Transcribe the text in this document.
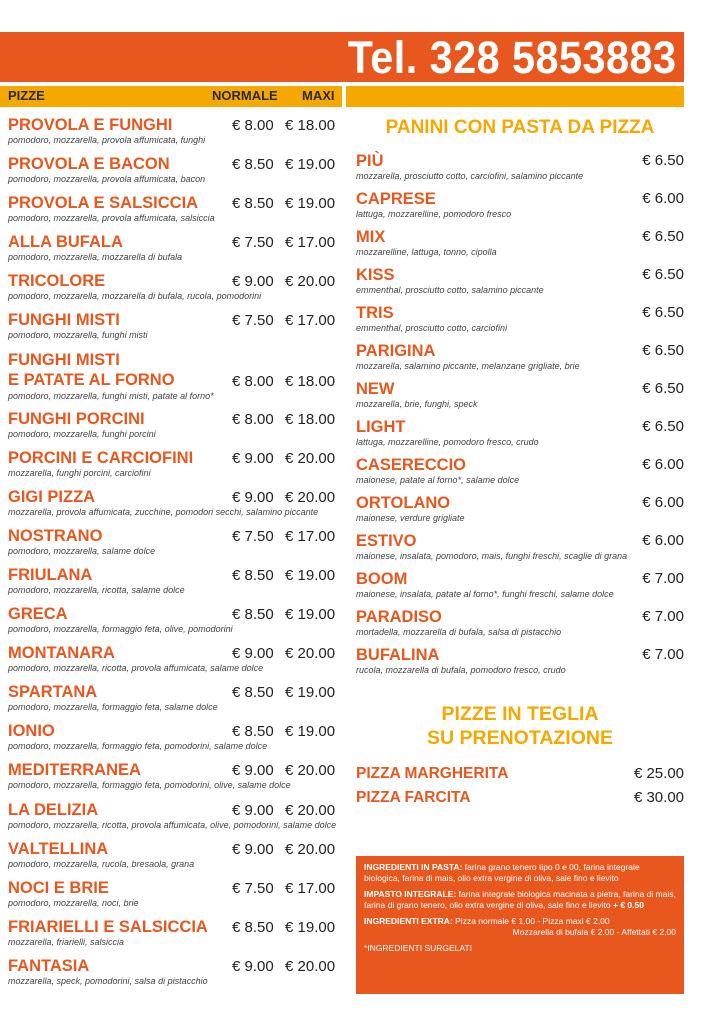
Tel. 328 5853883
PIZZE	NORMALE MAXI
PROVOLA E FUNGHI	€ 8.00 € 18.00
pomodoro, mozzarella, provola affumicata, funghi
PROVOLA E BACON	€ 8.50 € 19.00
pomodoro, mozzarella, provola affumicata, bacon
PROVOLA E SALSICCIA € 8.50 € 19.00
pomodoro, mozzarella, provola affumicata, salsiccia
ALLA BUFALA	€ 7.50 € 17.00
pomodoro, mozzarella, mozzarella di bufala
TRICOLORE	€ 9.00 € 20.00
pomodoro, mozzarella, mozzarella di bufala, rucola, pomodorini
FUNGHI MISTI	€ 7.50 € 17.00
pomodoro, mozzarella, funghi misti
FUNGHI MISTI
E PATATE AL FORNO	€ 8.00 € 18.00
pomodoro, mozzarella, funghi misti, patate al forno*
FUNGHI PORCINI	€ 8.00 € 18.00
pomodoro, mozzarella, funghi porcini
PORCINI E CARCIOFINI	€ 9.00 € 20.00
mozzarella, funghi porcini, carciofini
GIGI PIZZA	€ 9.00 € 20.00
mozzarella, provola affumicata, zucchine, pomodori secchi, salamino piccante
NOSTRANO	€ 7.50 € 17.00
pomodoro, mozzarella, salame dolce
FRIULANA	€ 8.50 € 19.00
pomodoro, mozzarella, ricotta, salame dolce
GRECA	€ 8.50 € 19.00
pomodoro, mozzarella, formaggio feta, olive, pomodorini
MONTANARA	€ 9.00 € 20.00
pomodoro, mozzarella, ricotta, provola affumicata, salame dolce
SPARTANA	€ 8.50 € 19.00
pomodoro, mozzarella, formaggio feta, salame dolce
IONIO	€ 8.50 € 19.00
pomodoro, mozzarella, formaggio feta, pomodorini, salame dolce
MEDITERRANEA	€ 9.00 € 20.00
pomodoro, mozzarella, formaggio feta, pomodorini, olive, salame dolce
LA DELIZIA	€ 9.00 € 20.00
pomodoro, mozzarella, ricotta, provola affumicata, olive, pomodorini, salame dolce
VALTELLINA	€ 9.00 € 20.00
pomodoro, mozzarella, rucola, bresaola, grana
NOCI E BRIE	€ 7.50 € 17.00
pomodoro, mozzarella, noci, brie
FRIARIELLI E SALSICCIA € 8.50 € 19.00
mozzarella, friarielli, salsiccia
FANTASIA	€ 9.00 € 20.00
mozzarella, speck, pomodorini, salsa di pistacchio
PANINI CON PASTA DA PIZZA
PIÙ	€ 6.50
mozzarella, prosciutto cotto, carciofini, salamino piccante
CAPRESE	€ 6.00
lattuga, mozzarelline, pomodoro fresco
MIX	€ 6.50
mozzarelline, lattuga, tonno, cipolla
KISS	€ 6.50
emmenthal, prosciutto cotto, salamino piccante
TRIS	€ 6.50
emmenthal, prosciutto cotto, carciofini
PARIGINA	€ 6.50
mozzarella, salamino piccante, melanzane grigliate, brie
NEW	€ 6.50
mozzarella, brie, funghi, speck
LIGHT	€ 6.50
lattuga, mozzarelline, pomodoro fresco, crudo
CASERECCIO	€ 6.00
maionese, patate al forno*, salame dolce
ORTOLANO	€ 6.00
maionese, verdure grigliate
ESTIVO	€ 6.00
maionese, insalata, pomodoro, mais, funghi freschi, scaglie di grana
BOOM	€ 7.00
maionese, insalata, patate al forno*, funghi freschi, salame dolce
PARADISO	€ 7.00
mortadella, mozzarella di bufala, salsa di pistacchio
BUFALINA	€ 7.00
rucola, mozzarella di bufala, pomodoro fresco, crudo
PIZZE IN TEGLIA
SU PRENOTAZIONE
PIZZA MARGHERITA	€ 25.00
PIZZA FARCITA	€ 30.00

INGREDIENTI IN PASTA: farina grano tenero tipo 0 e 00, farina integrale biologica, farina di mais, olio extra vergine di oliva, sale fino e lievito

IMPASTO INTEGRALE: farina integrale biologica macinata a pietra, farina di mais, farina di grano tenero, olio extra vergine di oliva, sale fino e lievito + € 0.50

INGREDIENTI EXTRA: Pizza normale € 1.00 - Pizza maxi € 2.00
Mozzarella di bufala € 2.00 - Affettati € 2.00

*INGREDIENTI SURGELATI
